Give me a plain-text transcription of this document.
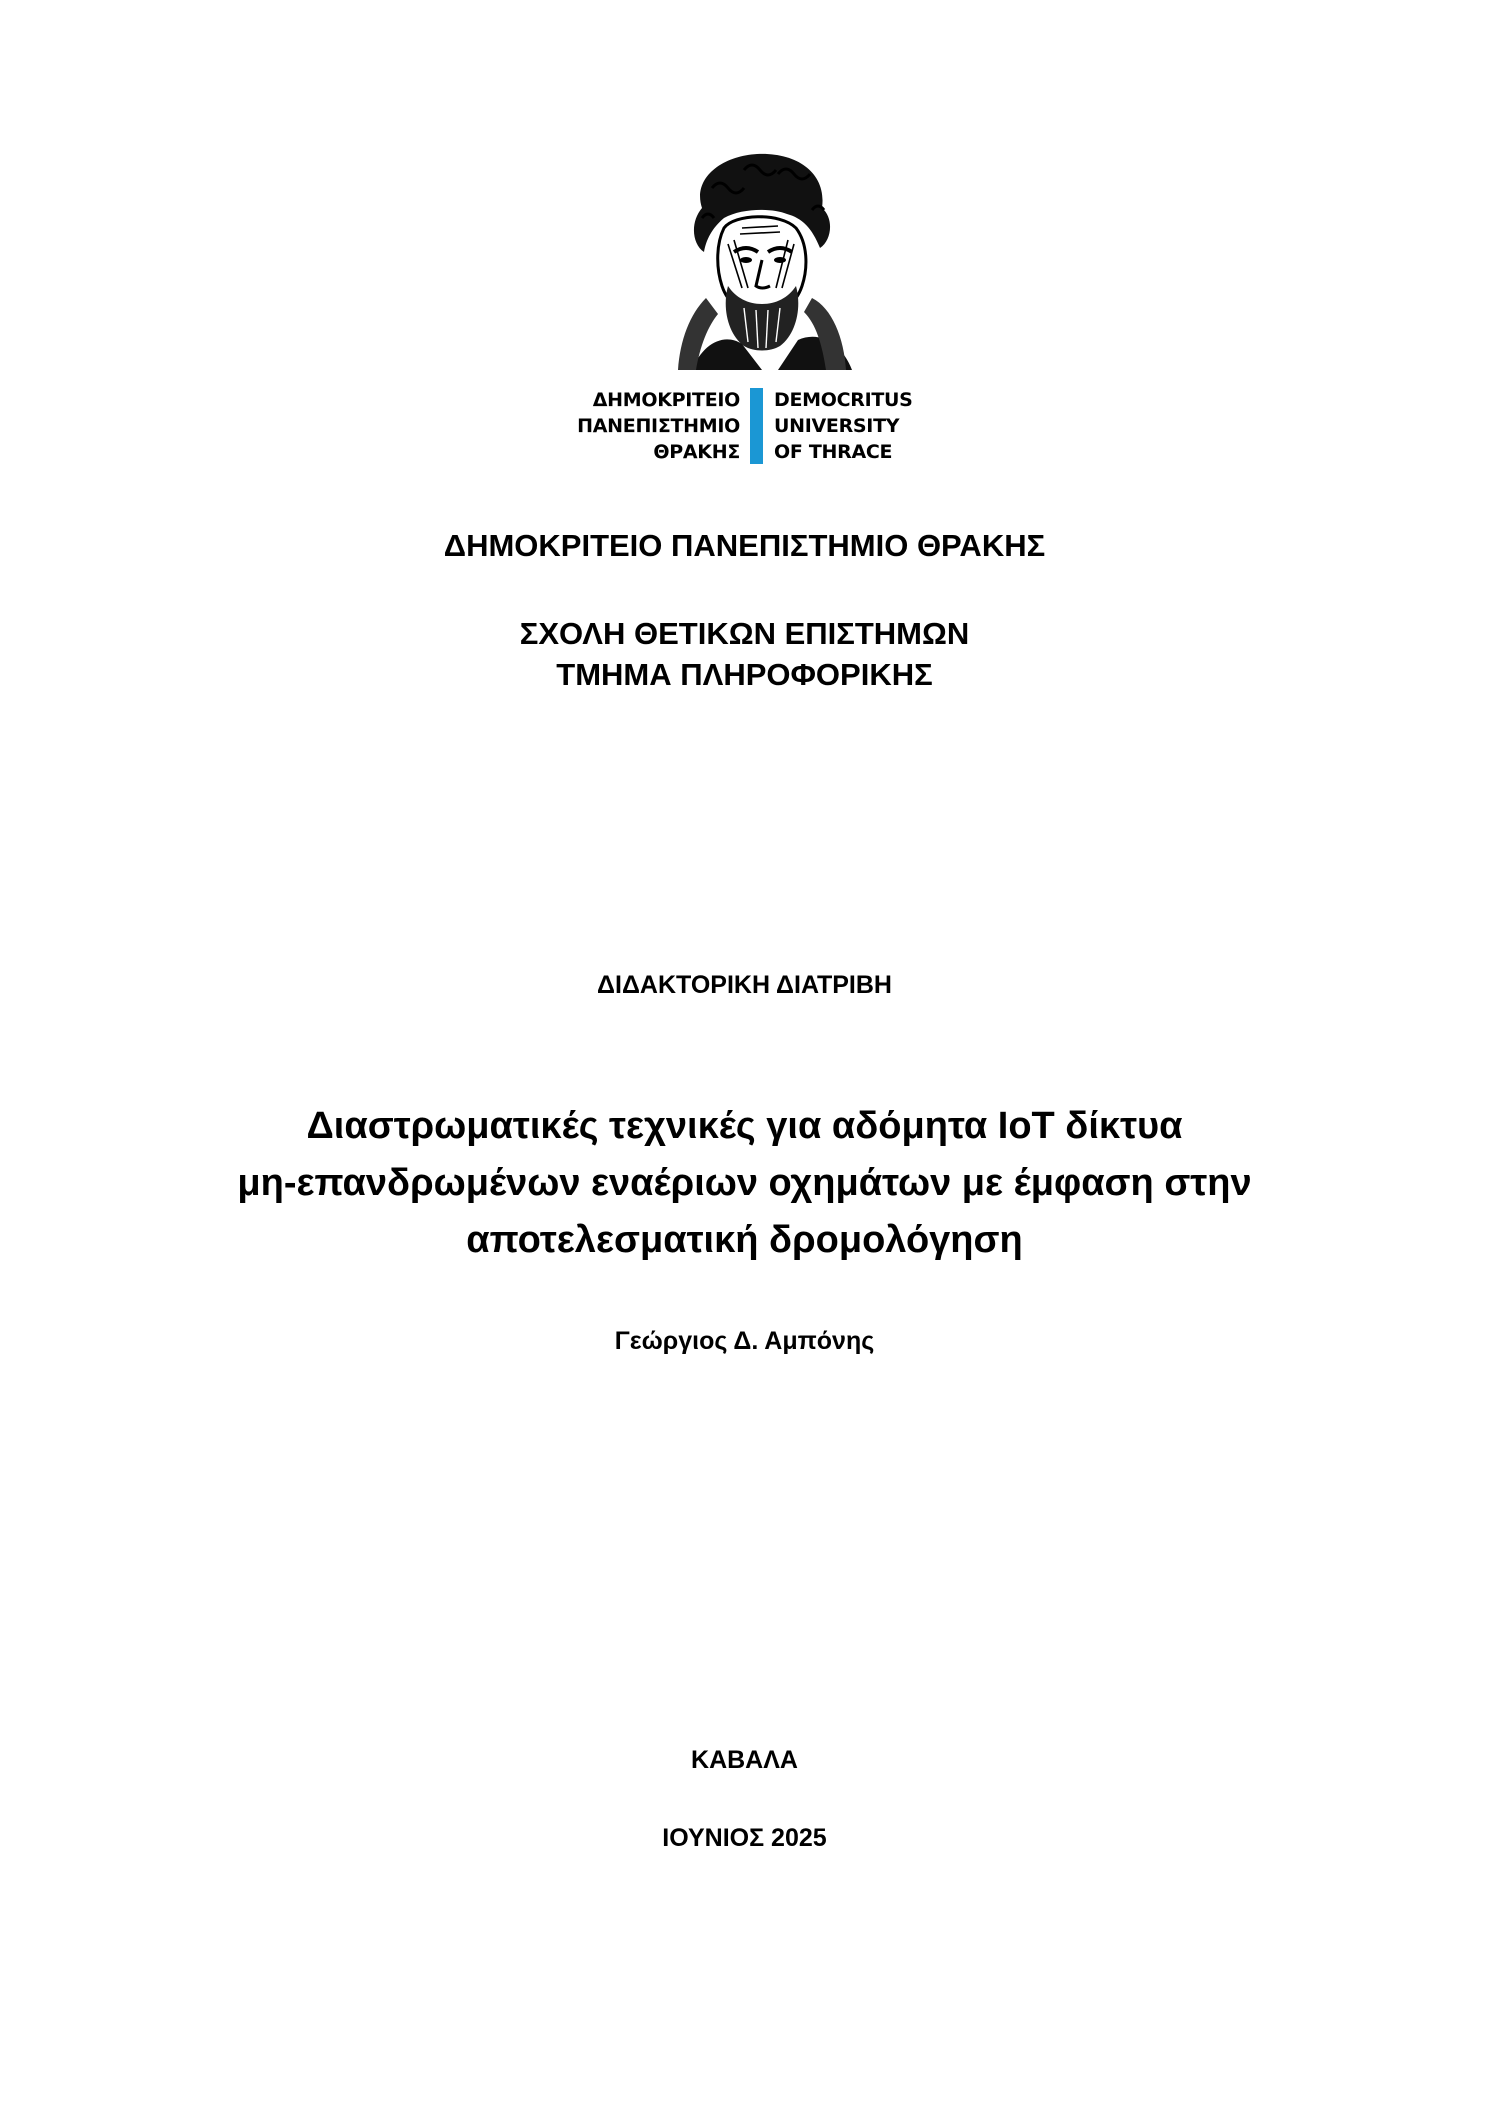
ΔΗΜΟΚΡΙΤΕΙΟ
ΠΑΝΕΠΙΣΤΗΜΙΟ
ΘΡΑΚΗΣ
DEMOCRITUS
UNIVERSITY
OF THRACE
ΔΗΜΟΚΡΙΤΕΙΟ ΠΑΝΕΠΙΣΤΗΜΙΟ ΘΡΑΚΗΣ
ΣΧΟΛΗ ΘΕΤΙΚΩΝ ΕΠΙΣΤΗΜΩΝ
ΤΜΗΜΑ ΠΛΗΡΟΦΟΡΙΚΗΣ
ΔΙΔΑΚΤΟΡΙΚΗ ΔΙΑΤΡΙΒΗ
Διαστρωματικές τεχνικές για αδόμητα IoT δίκτυα
μη-επανδρωμένων εναέριων οχημάτων με έμφαση στην
αποτελεσματική δρομολόγηση
Γεώργιος Δ. Αμπόνης
ΚΑΒΑΛΑ
ΙΟΥΝΙΟΣ 2025
